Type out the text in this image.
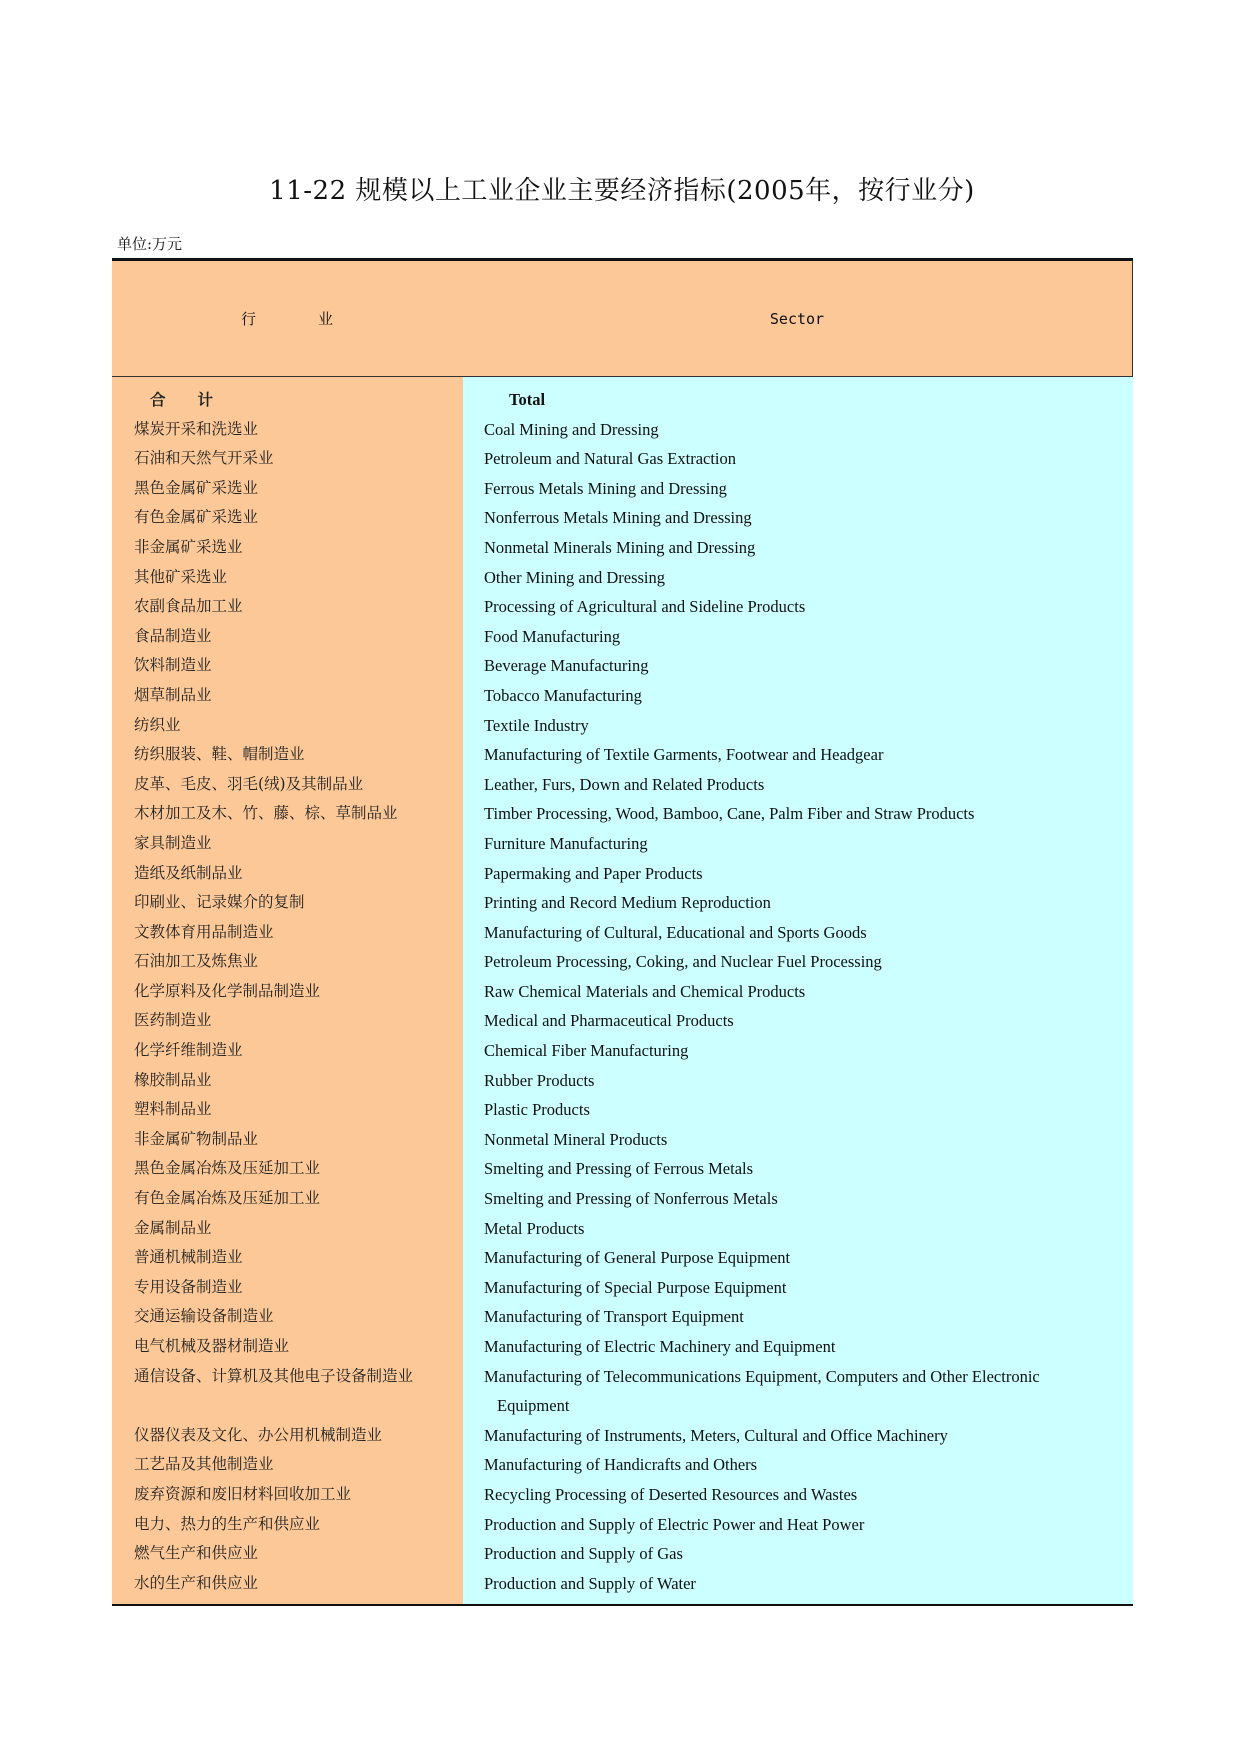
11-22 规模以上工业企业主要经济指标(2005年，按行业分)
单位:万元
行	业	Sector
合 计
煤炭开采和洗选业
石油和天然气开采业
黑色金属矿采选业
有色金属矿采选业
非金属矿采选业
其他矿采选业
农副食品加工业
食品制造业
饮料制造业
烟草制品业
纺织业
纺织服装、鞋、帽制造业
皮革、毛皮、羽毛(绒)及其制品业
木材加工及木、竹、藤、棕、草制品业
家具制造业
造纸及纸制品业
印刷业、记录媒介的复制
文教体育用品制造业
石油加工及炼焦业
化学原料及化学制品制造业
医药制造业
化学纤维制造业
橡胶制品业
塑料制品业
非金属矿物制品业
黑色金属冶炼及压延加工业
有色金属冶炼及压延加工业
金属制品业
普通机械制造业
专用设备制造业
交通运输设备制造业
电气机械及器材制造业
通信设备、计算机及其他电子设备制造业
仪器仪表及文化、办公用机械制造业
工艺品及其他制造业
废弃资源和废旧材料回收加工业
电力、热力的生产和供应业
燃气生产和供应业
水的生产和供应业
Total
Coal Mining and Dressing
Petroleum and Natural Gas Extraction
Ferrous Metals Mining and Dressing
Nonferrous Metals Mining and Dressing
Nonmetal Minerals Mining and Dressing
Other Mining and Dressing
Processing of Agricultural and Sideline Products
Food Manufacturing
Beverage Manufacturing
Tobacco Manufacturing
Textile Industry
Manufacturing of Textile Garments, Footwear and Headgear
Leather, Furs, Down and Related Products
Timber Processing, Wood, Bamboo, Cane, Palm Fiber and Straw Products
Furniture Manufacturing
Papermaking and Paper Products
Printing and Record Medium Reproduction
Manufacturing of Cultural, Educational and Sports Goods
Petroleum Processing, Coking, and Nuclear Fuel Processing
Raw Chemical Materials and Chemical Products
Medical and Pharmaceutical Products
Chemical Fiber Manufacturing
Rubber Products
Plastic Products
Nonmetal Mineral Products
Smelting and Pressing of Ferrous Metals
Smelting and Pressing of Nonferrous Metals
Metal Products
Manufacturing of General Purpose Equipment
Manufacturing of Special Purpose Equipment
Manufacturing of Transport Equipment
Manufacturing of Electric Machinery and Equipment
Manufacturing of Telecommunications Equipment, Computers and Other Electronic
Equipment
Manufacturing of Instruments, Meters, Cultural and Office Machinery
Manufacturing of Handicrafts and Others
Recycling Processing of Deserted Resources and Wastes
Production and Supply of Electric Power and Heat Power
Production and Supply of Gas
Production and Supply of Water
